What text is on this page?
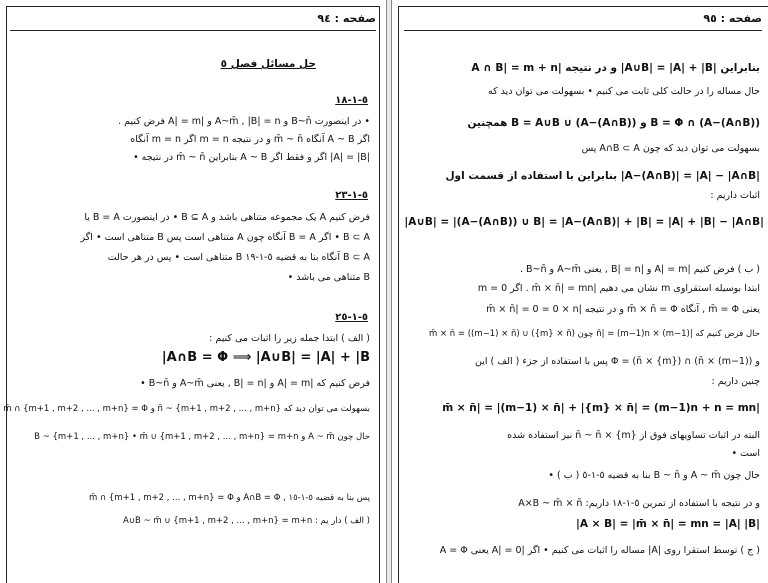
صفحه : ٩٤
حل مسائل فصل ٥
٥-١-١٨
• در اینصورت B~n̄ و A~m̄ , |B| = n و |A| = m فرض کنیم .
اگر A ~ B آنگاه m̄ ~ n̄ و در نتیجه m = n اگر m = n آنگاه
|A| = |B| اگر و فقط اگر A ~ B بنابراین m̄ ~ n̄ در نتیجه •
٥-١-٢٣
فرض کنیم A یک مجموعه متناهی باشد و B ⊆ A • در اینصورت B = A یا
B ⊂ A • اگر B = A آنگاه چون A متناهی است پس B متناهی است • اگر
B ⊂ A آنگاه بنا به قضیه ٥-١-١٩ B متناهی است • پس در هر حالت
B متناهی می باشد •
٥-١-٢٥
( الف ) ابتدا جمله زیر را اثبات می کنیم :
A∩B = Φ ⟹ |A∪B| = |A| + |B|
فرض کنیم که |A| = m و |B| = n , یعنی A~m̄ و B~n̄ •
بسهولت می توان دید که n̄ ~ {m+1 , m+2 , ... , m+n} و m̄ ∩ {m+1 , m+2 , ... , m+n} = Φ
حال چون A ~ m̄ و B ~ {m+1 , ... , m+n} • m̄ ∪ {m+1 , m+2 , ... , m+n} = m+n
پس بنا به قضیه ٥-١-١٥ , A∩B = Φ و m̄ ∩ {m+1 , m+2 , ... , m+n} = Φ
( الف ) دار یم : A∪B ~ m̄ ∪ {m+1 , m+2 , ... , m+n} = m+n
صفحه : ٩٥
بنابراین |A∪B| = |A| + |B| و در نتیجه |A ∩ B| = m + n
حال مساله را در حالت کلی ثابت می کنیم • بسهولت می توان دید که
(A−(A∩B)) ∩ B = Φ و (A−(A∩B)) ∪ B = A∪B همچنین
بسهولت می توان دید که چون A∩B ⊂ A پس
|A−(A∩B)| = |A| − |A∩B| بنابراین با استفاده از قسمت اول
اثبات داریم :
|A∪B| = |(A−(A∩B)) ∪ B| = |A−(A∩B)| + |B| = |A| + |B| − |A∩B|
( ب ) فرض کنیم |A| = m و |B| = n , یعنی A~m̄ و B~n̄ .
ابتدا بوسیله استقراوی m نشان می دهیم |m̄ × n̄| = mn . اگر m = 0
یعنی m̄ = Φ , آنگاه m̄ × n̄ = Φ و در نتیجه |m̄ × n̄| = 0 = 0 × n
حال فرض کنیم که |(m−1) × n̄| = (m−1)n چون m̄ × n̄ = ((m−1) × n̄) ∪ ({m} × n̄)
و ((m−1) × n̄) ∩ ({m} × n̄) = Φ پس با استفاده از جزء ( الف ) این
چنین داریم :
|m̄ × n̄| = |(m−1) × n̄| + |{m} × n̄| = (m−1)n + n = mn
البته در اثبات تساویهای فوق از {m} × n̄ ~ n̄ نیز استفاده شده
است •
حال چون A ~ m̄ و B ~ n̄ بنا به قضیه ٥-١-٥ ( ب ) •
و در نتیجه با استفاده از تمرین ٥-١-١٨ داریم: A×B ~ m̄ × n̄
|A × B| = |m̄ × n̄| = mn = |A| |B|
( ج ) توسط استقرا روی |A| مساله را اثبات می کنیم • اگر |A| = 0 یعنی A = Φ
